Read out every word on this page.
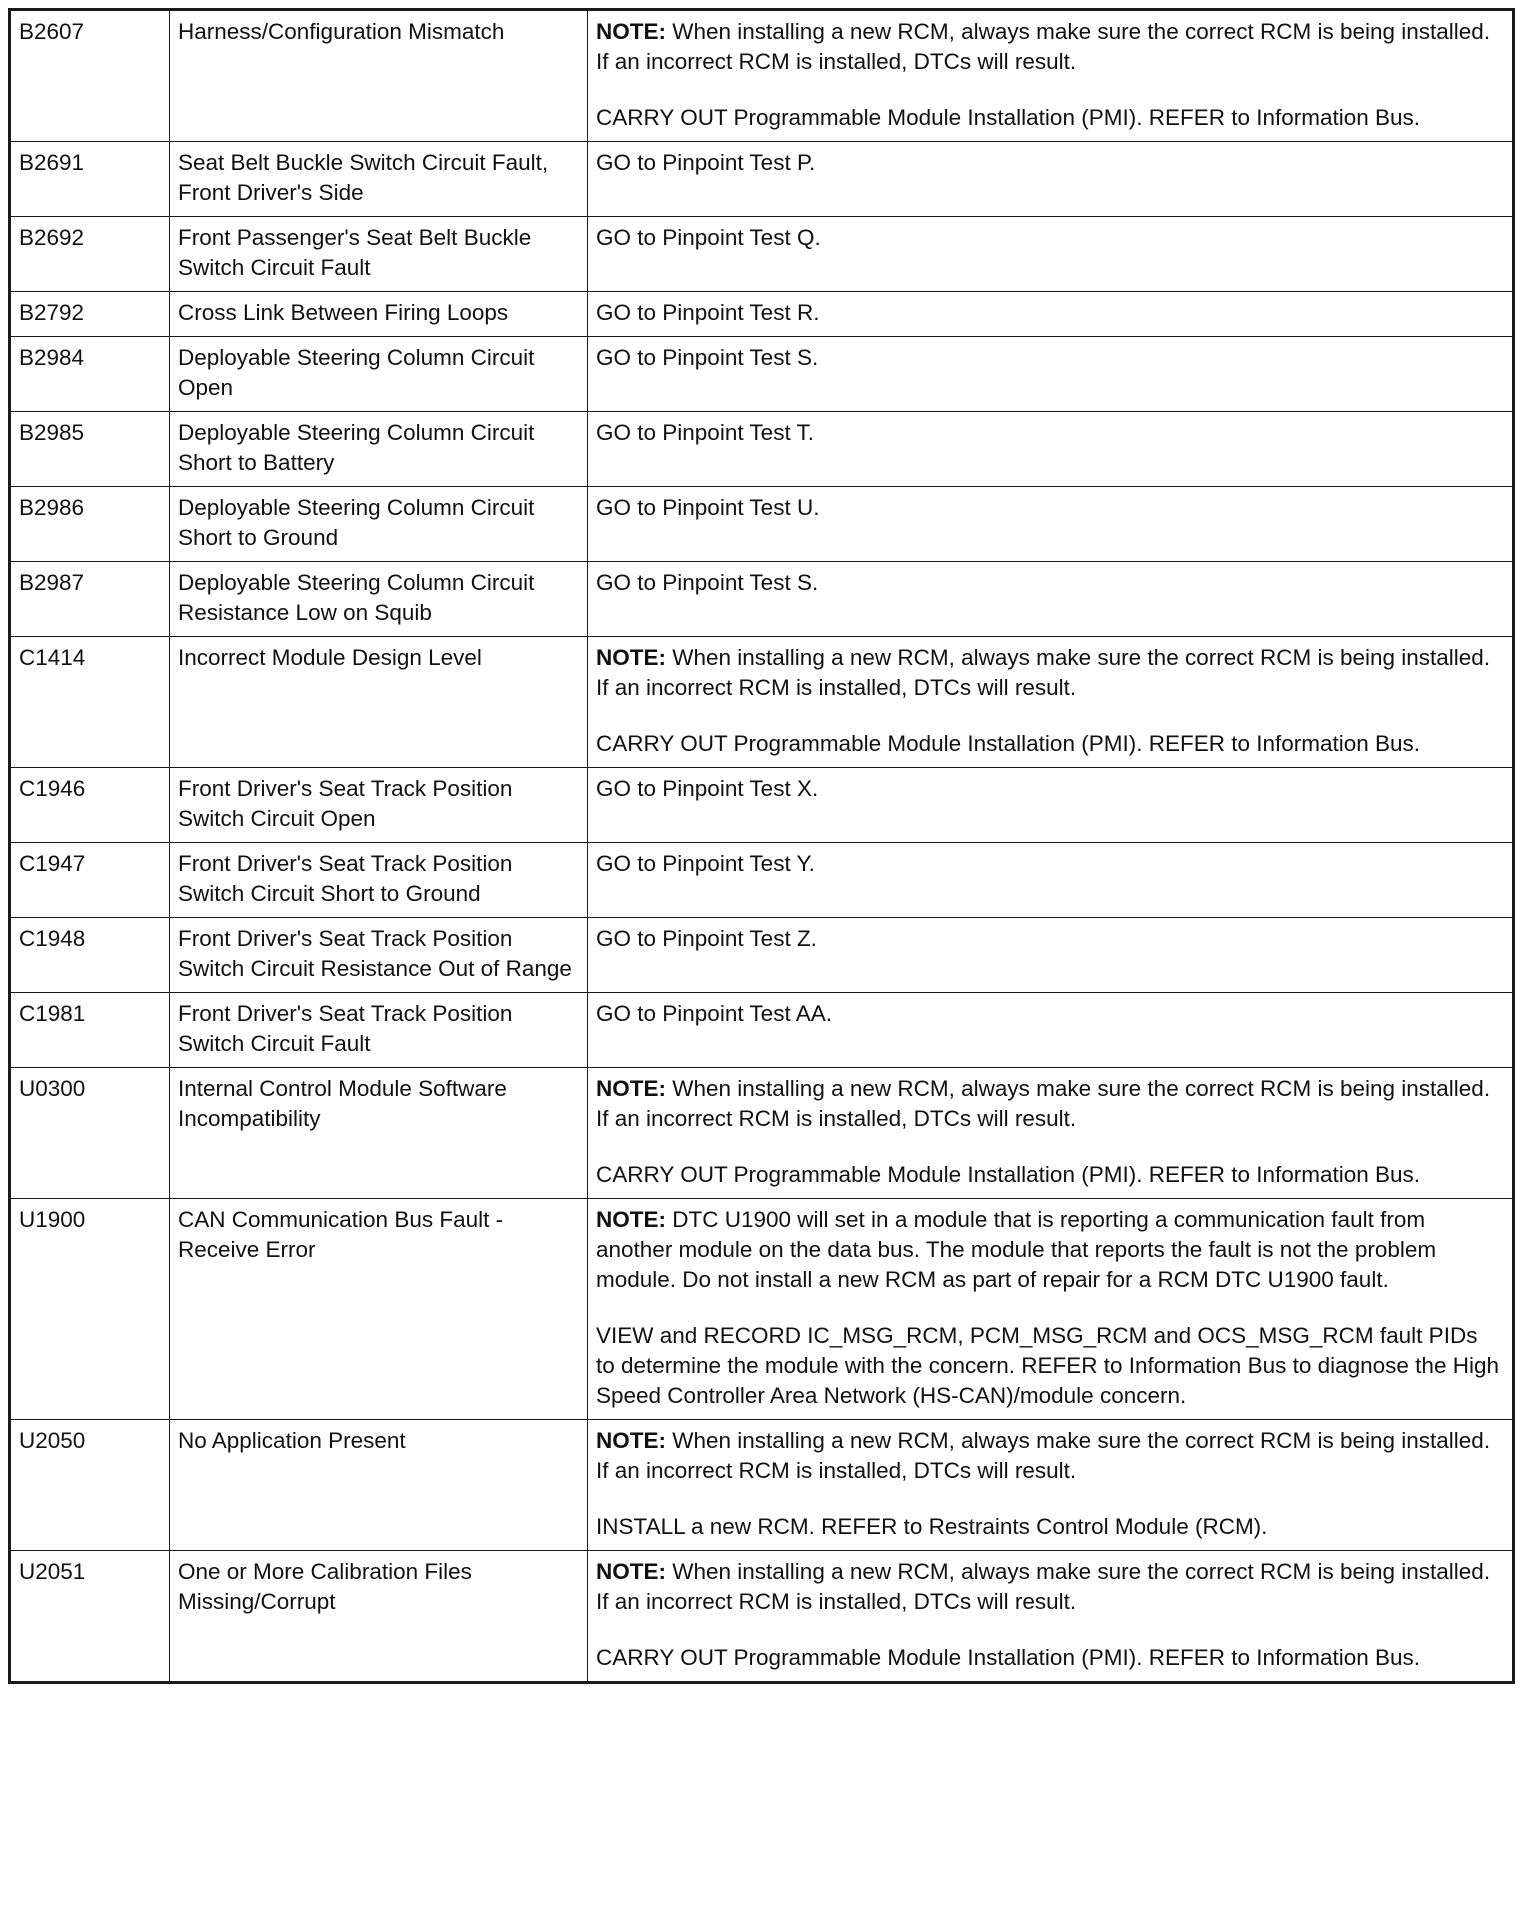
B2607	Harness/Configuration Mismatch	NOTE: When installing a new RCM, always make sure the correct RCM is being installed. If an incorrect RCM is installed, DTCs will result.

CARRY OUT Programmable Module Installation (PMI). REFER to Information Bus.

B2691	Seat Belt Buckle Switch Circuit Fault, Front Driver's Side	GO to Pinpoint Test P.

B2692	Front Passenger's Seat Belt Buckle Switch Circuit Fault	GO to Pinpoint Test Q.

B2792	Cross Link Between Firing Loops	GO to Pinpoint Test R.

B2984	Deployable Steering Column Circuit Open	GO to Pinpoint Test S.

B2985	Deployable Steering Column Circuit Short to Battery	GO to Pinpoint Test T.

B2986	Deployable Steering Column Circuit Short to Ground	GO to Pinpoint Test U.

B2987	Deployable Steering Column Circuit Resistance Low on Squib	GO to Pinpoint Test S.

C1414	Incorrect Module Design Level	NOTE: When installing a new RCM, always make sure the correct RCM is being installed. If an incorrect RCM is installed, DTCs will result.

CARRY OUT Programmable Module Installation (PMI). REFER to Information Bus.

C1946	Front Driver's Seat Track Position Switch Circuit Open	GO to Pinpoint Test X.

C1947	Front Driver's Seat Track Position Switch Circuit Short to Ground	GO to Pinpoint Test Y.

C1948	Front Driver's Seat Track Position Switch Circuit Resistance Out of Range	GO to Pinpoint Test Z.

C1981	Front Driver's Seat Track Position Switch Circuit Fault	GO to Pinpoint Test AA.

U0300	Internal Control Module Software Incompatibility	NOTE: When installing a new RCM, always make sure the correct RCM is being installed. If an incorrect RCM is installed, DTCs will result.

CARRY OUT Programmable Module Installation (PMI). REFER to Information Bus.

U1900	CAN Communication Bus Fault - Receive Error	NOTE: DTC U1900 will set in a module that is reporting a communication fault from another module on the data bus. The module that reports the fault is not the problem module. Do not install a new RCM as part of repair for a RCM DTC U1900 fault.

VIEW and RECORD IC_MSG_RCM, PCM_MSG_RCM and OCS_MSG_RCM fault PIDs to determine the module with the concern. REFER to Information Bus to diagnose the High Speed Controller Area Network (HS-CAN)/module concern.

U2050	No Application Present	NOTE: When installing a new RCM, always make sure the correct RCM is being installed. If an incorrect RCM is installed, DTCs will result.

INSTALL a new RCM. REFER to Restraints Control Module (RCM).

U2051	One or More Calibration Files Missing/Corrupt	NOTE: When installing a new RCM, always make sure the correct RCM is being installed. If an incorrect RCM is installed, DTCs will result.

CARRY OUT Programmable Module Installation (PMI). REFER to Information Bus.
